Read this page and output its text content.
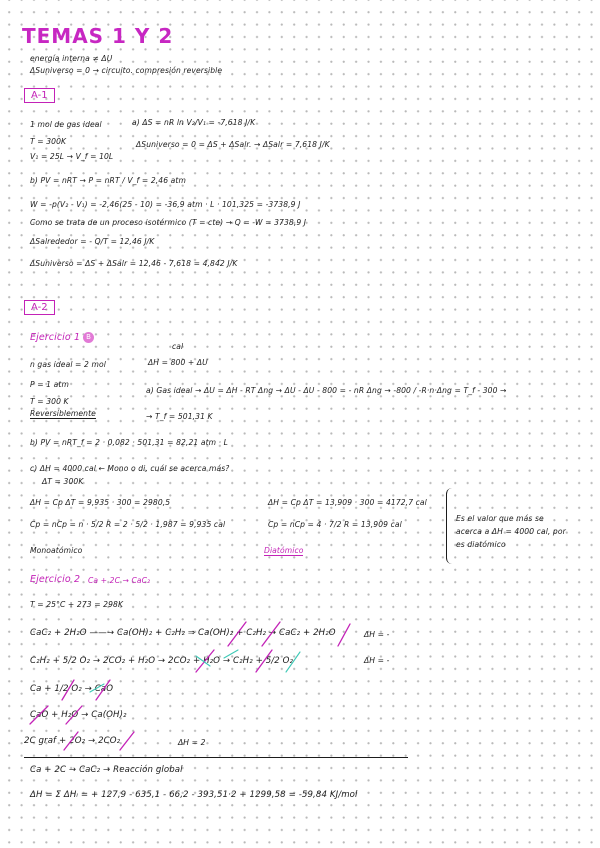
TEMAS 1 Y 2
energía interna ≠ ΔU
ΔSuniverso = 0 → circuito. compresión reversible
A-1
1 mol de gas ideal
T = 300K
V₁ = 25L → V_f = 10L
a) ΔS = nR ln V₂/V₁ = -7,618 J/K
ΔSuniverso = 0 = ΔS + ΔSalr. → ΔSalr = 7,618 J/K
b) PV = nRT → P = nRT / V_f = 2,46 atm
W = -p(V₂ - V₁) = -2,46(25 - 10) = -36,9 atm · L · 101,325 = -3738,9 J
Como se trata de un proceso isotérmico (T = cte) → Q = -W = 3738,9 J
ΔSalrededor = - Q/T = 12,46 J/K
ΔSuniverso = ΔS + ΔSalr = 12,46 - 7,618 = 4,842 J/K
A-2
Ejercicio 1 B
cal
n gas ideal = 2 mol	ΔH = 800 + ΔU
P = 1 atm
T = 300 K
Reversiblemente
a) Gas ideal → ΔU = ΔH - RT Δng → ΔU - ΔU - 800 = - nR Δng → -800 / -R·n·Δng = T_f - 300 →
→ T_f = 501,31 K
b) PV = nRT_f = 2 · 0,082 · 501,31 = 82,21 atm · L
c) ΔH = 4000 cal ← Mono o di, cuál se acerca más?
ΔT = 300K
ΔH = Cp ΔT = 9,935 · 300 = 2980,5
Cp = nCp = n · 5/2 R = 2 · 5/2 · 1,987 = 9,935 cal
Monoatómico
ΔH = Cp ΔT = 13,909 · 300 = 4172,7 cal
Cp = nCp = 4 · 7/2 R = 13,909 cal
Diatómico
Es el valor que más se
acerca a ΔH = 4000 cal, por
es diatómico
Ejercicio 2 Ca + 2C → CaC₂
T = 25°C + 273 = 298K
CaC₂ + 2H₂O ——→ Ca(OH)₂ + C₂H₂ ⇒ Ca(OH)₂ + C₂H₂ → CaC₂ + 2H₂O	ΔH = -
C₂H₂ + 5/2 O₂ → 2CO₂ + H₂O → 2CO₂ + H₂O → C₂H₂ + 5/2 O₂	ΔH = -
Ca + 1/2 O₂ → CaO
CaO + H₂O → Ca(OH)₂
2C graf + 2O₂ → 2CO₂	ΔH = 2
Ca + 2C → CaC₂ → Reacción global
ΔH = Σ ΔHᵢ = + 127,9 - 635,1 - 66,2 - 393,51·2 + 1299,58 = -59,84 KJ/mol
